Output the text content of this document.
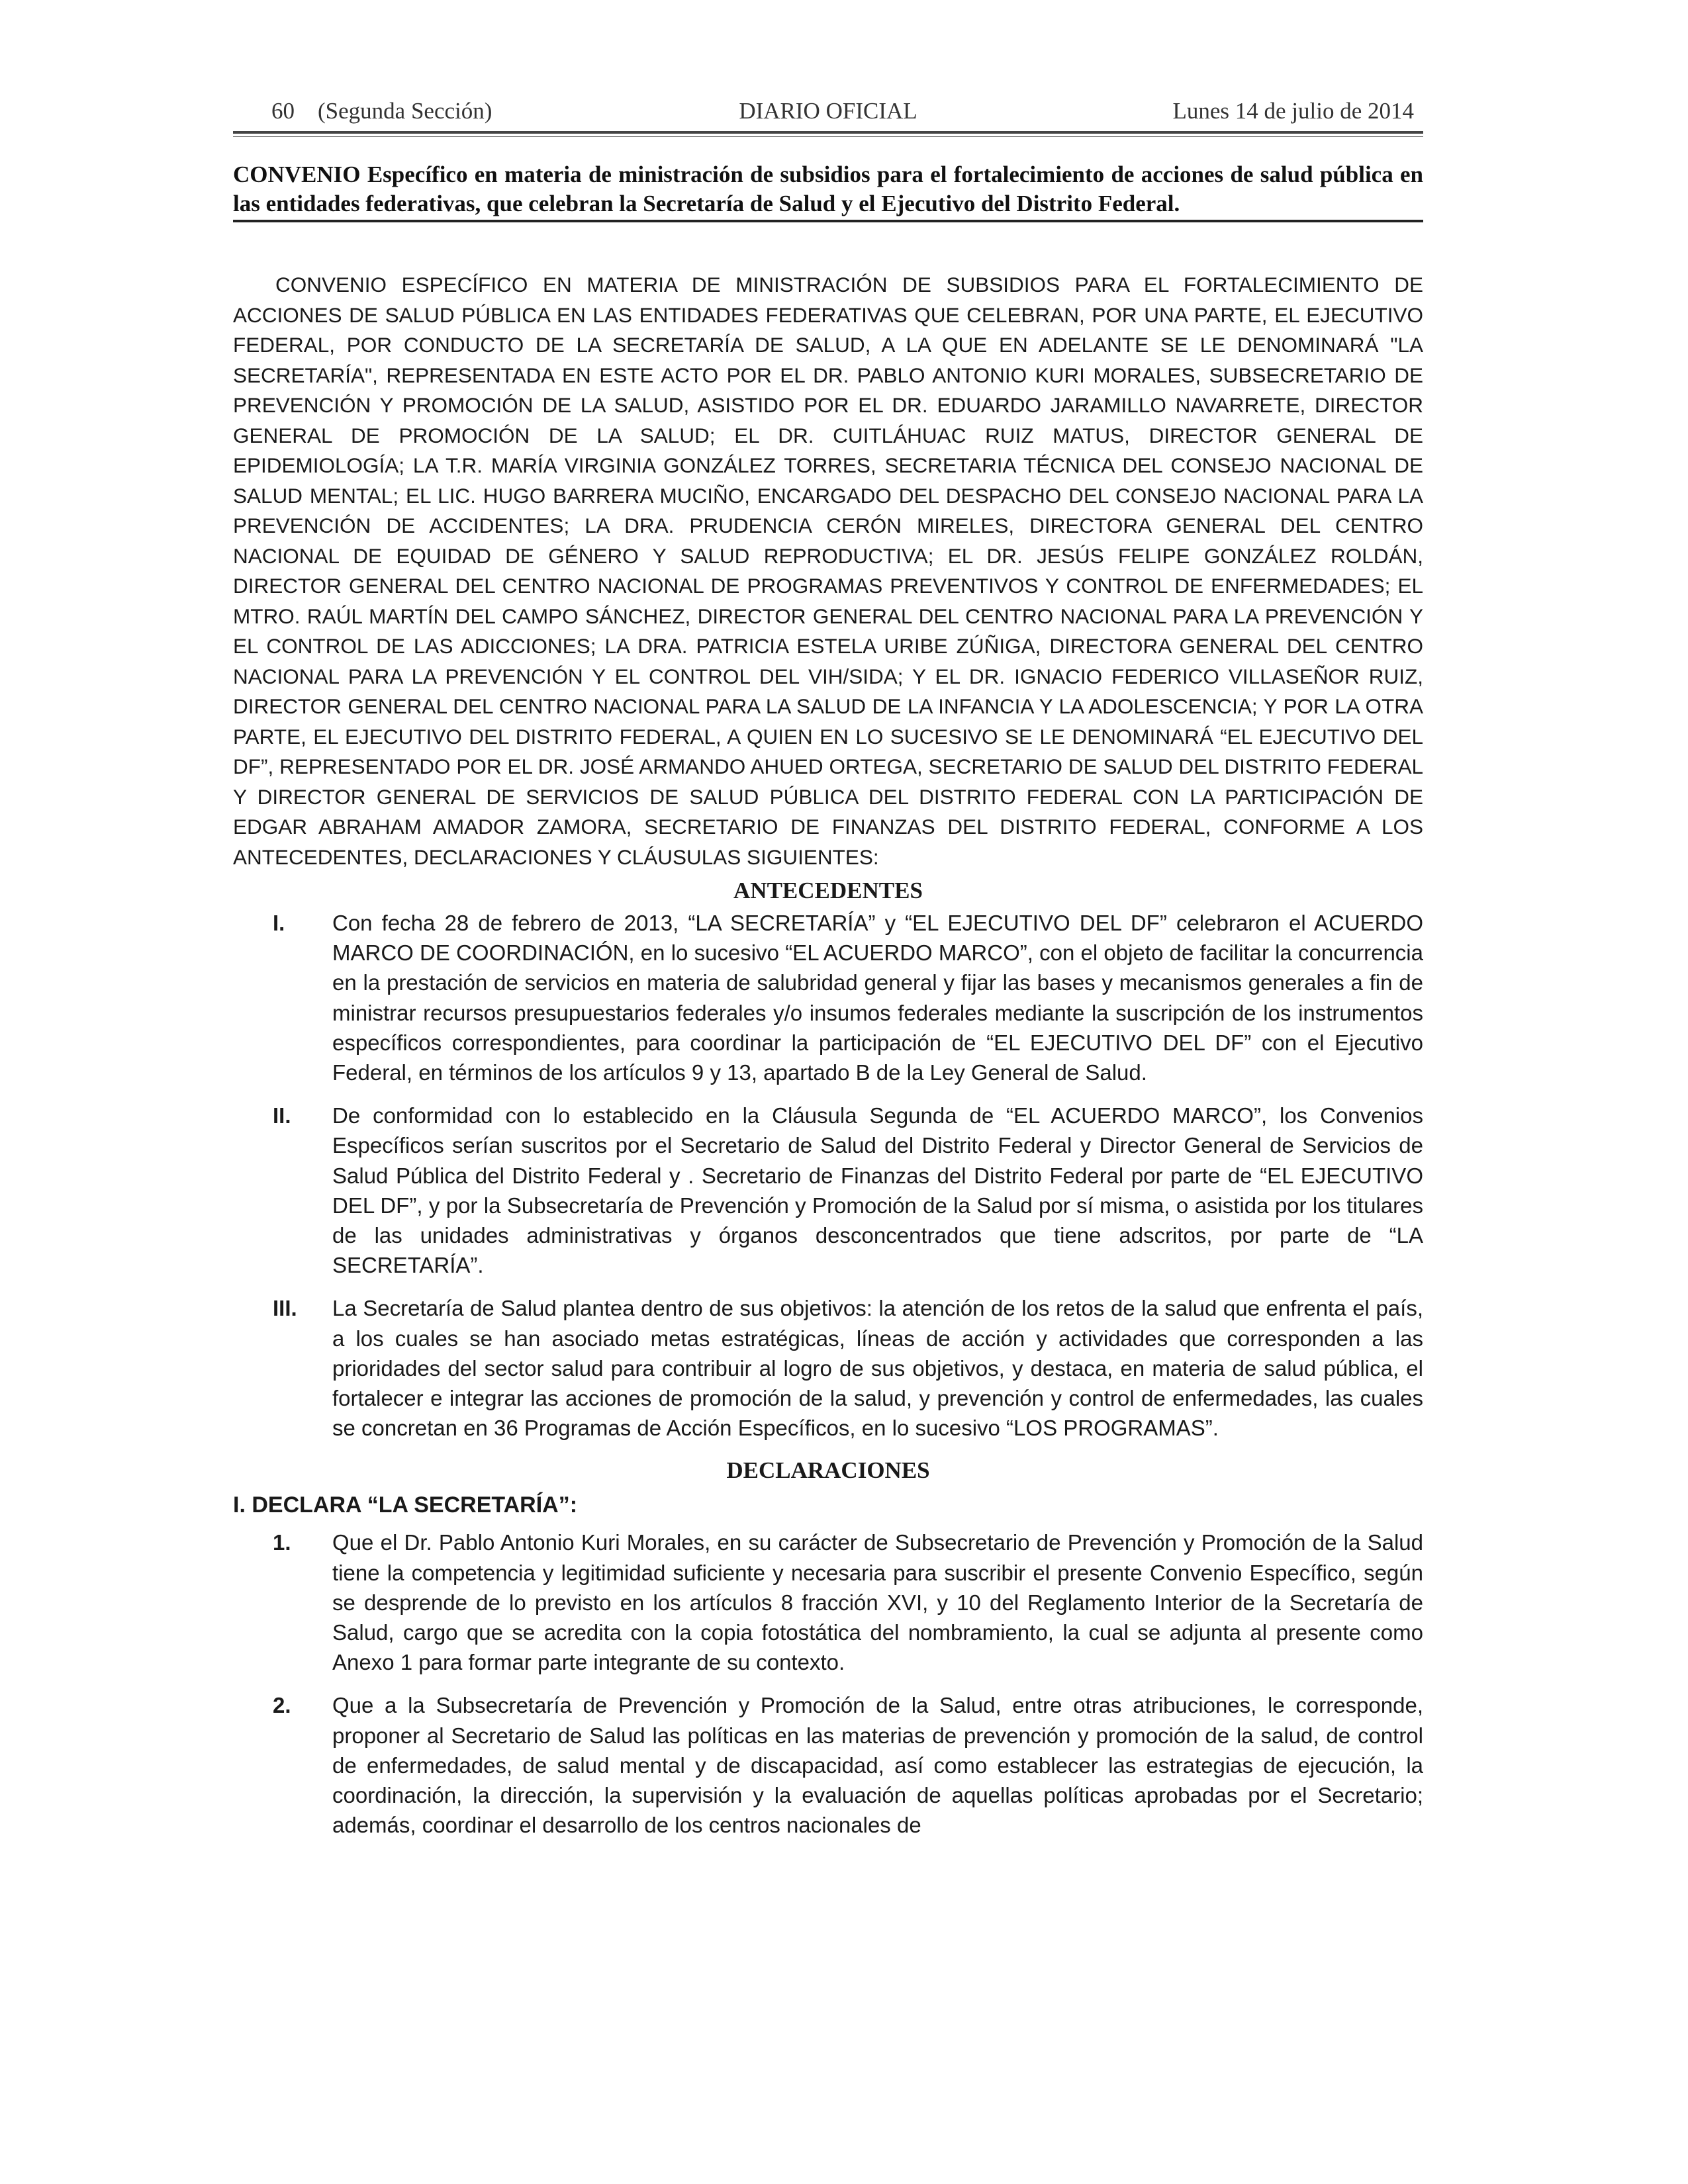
60    (Segunda Sección)	DIARIO OFICIAL	Lunes 14 de julio de 2014
CONVENIO Específico en materia de ministración de subsidios para el fortalecimiento de acciones de salud pública en las entidades federativas, que celebran la Secretaría de Salud y el Ejecutivo del Distrito Federal.

CONVENIO ESPECÍFICO EN MATERIA DE MINISTRACIÓN DE SUBSIDIOS PARA EL FORTALECIMIENTO DE ACCIONES DE SALUD PÚBLICA EN LAS ENTIDADES FEDERATIVAS QUE CELEBRAN, POR UNA PARTE, EL EJECUTIVO FEDERAL, POR CONDUCTO DE LA SECRETARÍA DE SALUD, A LA QUE EN ADELANTE SE LE DENOMINARÁ "LA SECRETARÍA", REPRESENTADA EN ESTE ACTO POR EL DR. PABLO ANTONIO KURI MORALES, SUBSECRETARIO DE PREVENCIÓN Y PROMOCIÓN DE LA SALUD, ASISTIDO POR EL DR. EDUARDO JARAMILLO NAVARRETE, DIRECTOR GENERAL DE PROMOCIÓN DE LA SALUD; EL DR. CUITLÁHUAC RUIZ MATUS, DIRECTOR GENERAL DE EPIDEMIOLOGÍA; LA T.R. MARÍA VIRGINIA GONZÁLEZ TORRES, SECRETARIA TÉCNICA DEL CONSEJO NACIONAL DE SALUD MENTAL; EL LIC. HUGO BARRERA MUCIÑO, ENCARGADO DEL DESPACHO DEL CONSEJO NACIONAL PARA LA PREVENCIÓN DE ACCIDENTES; LA DRA. PRUDENCIA CERÓN MIRELES, DIRECTORA GENERAL DEL CENTRO NACIONAL DE EQUIDAD DE GÉNERO Y SALUD REPRODUCTIVA; EL DR. JESÚS FELIPE GONZÁLEZ ROLDÁN, DIRECTOR GENERAL DEL CENTRO NACIONAL DE PROGRAMAS PREVENTIVOS Y CONTROL DE ENFERMEDADES; EL MTRO. RAÚL MARTÍN DEL CAMPO SÁNCHEZ, DIRECTOR GENERAL DEL CENTRO NACIONAL PARA LA PREVENCIÓN Y EL CONTROL DE LAS ADICCIONES; LA DRA. PATRICIA ESTELA URIBE ZÚÑIGA, DIRECTORA GENERAL DEL CENTRO NACIONAL PARA LA PREVENCIÓN Y EL CONTROL DEL VIH/SIDA; Y EL DR. IGNACIO FEDERICO VILLASEÑOR RUIZ, DIRECTOR GENERAL DEL CENTRO NACIONAL PARA LA SALUD DE LA INFANCIA Y LA ADOLESCENCIA; Y POR LA OTRA PARTE, EL EJECUTIVO DEL DISTRITO FEDERAL, A QUIEN EN LO SUCESIVO SE LE DENOMINARÁ “EL EJECUTIVO DEL DF”, REPRESENTADO POR EL DR. JOSÉ ARMANDO AHUED ORTEGA, SECRETARIO DE SALUD DEL DISTRITO FEDERAL Y DIRECTOR GENERAL DE SERVICIOS DE SALUD PÚBLICA DEL DISTRITO FEDERAL CON LA PARTICIPACIÓN DE EDGAR ABRAHAM AMADOR ZAMORA, SECRETARIO DE FINANZAS DEL DISTRITO FEDERAL, CONFORME A LOS ANTECEDENTES, DECLARACIONES Y CLÁUSULAS SIGUIENTES:

ANTECEDENTES
I.	Con fecha 28 de febrero de 2013, “LA SECRETARÍA” y “EL EJECUTIVO DEL DF” celebraron el ACUERDO MARCO DE COORDINACIÓN, en lo sucesivo “EL ACUERDO MARCO”, con el objeto de facilitar la concurrencia en la prestación de servicios en materia de salubridad general y fijar las bases y mecanismos generales a fin de ministrar recursos presupuestarios federales y/o insumos federales mediante la suscripción de los instrumentos específicos correspondientes, para coordinar la participación de “EL EJECUTIVO DEL DF” con el Ejecutivo Federal, en términos de los artículos 9 y 13, apartado B de la Ley General de Salud.
II.	De conformidad con lo establecido en la Cláusula Segunda de “EL ACUERDO MARCO”, los Convenios Específicos serían suscritos por el Secretario de Salud del Distrito Federal y Director General de Servicios de Salud Pública del Distrito Federal y . Secretario de Finanzas del Distrito Federal por parte de “EL EJECUTIVO DEL DF”, y por la Subsecretaría de Prevención y Promoción de la Salud por sí misma, o asistida por los titulares de las unidades administrativas y órganos desconcentrados que tiene adscritos, por parte de “LA SECRETARÍA”.
III.	La Secretaría de Salud plantea dentro de sus objetivos: la atención de los retos de la salud que enfrenta el país, a los cuales se han asociado metas estratégicas, líneas de acción y actividades que corresponden a las prioridades del sector salud para contribuir al logro de sus objetivos, y destaca, en materia de salud pública, el fortalecer e integrar las acciones de promoción de la salud, y prevención y control de enfermedades, las cuales se concretan en 36 Programas de Acción Específicos, en lo sucesivo “LOS PROGRAMAS”.
DECLARACIONES
I. DECLARA “LA SECRETARÍA”:
1.	Que el Dr. Pablo Antonio Kuri Morales, en su carácter de Subsecretario de Prevención y Promoción de la Salud tiene la competencia y legitimidad suficiente y necesaria para suscribir el presente Convenio Específico, según se desprende de lo previsto en los artículos 8 fracción XVI, y 10 del Reglamento Interior de la Secretaría de Salud, cargo que se acredita con la copia fotostática del nombramiento, la cual se adjunta al presente como Anexo 1 para formar parte integrante de su contexto.
2.	Que a la Subsecretaría de Prevención y Promoción de la Salud, entre otras atribuciones, le corresponde, proponer al Secretario de Salud las políticas en las materias de prevención y promoción de la salud, de control de enfermedades, de salud mental y de discapacidad, así como establecer las estrategias de ejecución, la coordinación, la dirección, la supervisión y la evaluación de aquellas políticas aprobadas por el Secretario; además, coordinar el desarrollo de los centros nacionales de
